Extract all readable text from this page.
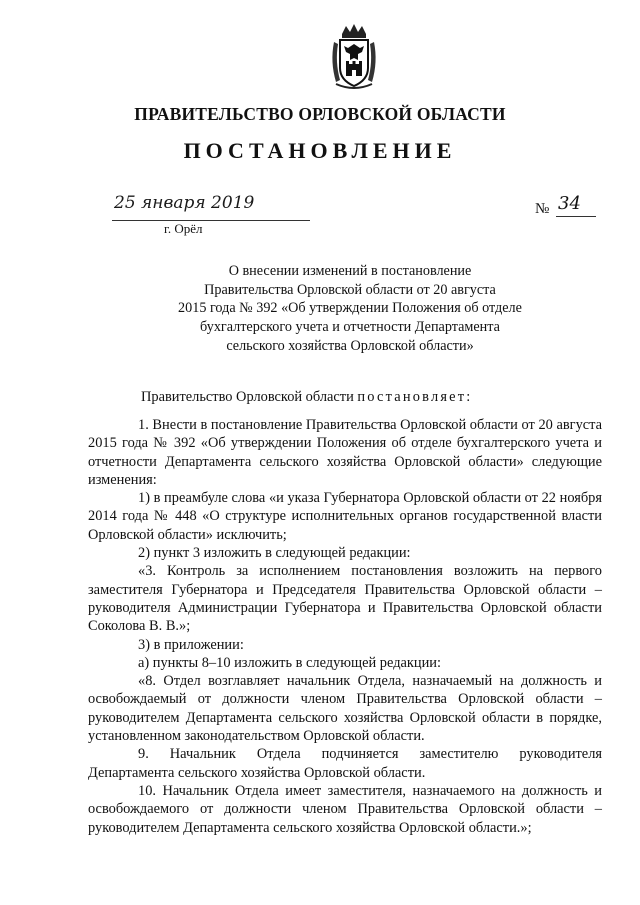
ПРАВИТЕЛЬСТВО ОРЛОВСКОЙ ОБЛАСТИ
ПОСТАНОВЛЕНИЕ
25 января 2019	№ 34
г. Орёл
О внесении изменений в постановление
Правительства Орловской области от 20 августа
2015 года № 392 «Об утверждении Положения об отделе
бухгалтерского учета и отчетности Департамента
сельского хозяйства Орловской области»
Правительство Орловской области постановляет:

1. Внести в постановление Правительства Орловской области от 20 августа 2015 года № 392 «Об утверждении Положения об отделе бухгалтерского учета и отчетности Департамента сельского хозяйства Орловской области» следующие изменения:

1) в преамбуле слова «и указа Губернатора Орловской области от 22 ноября 2014 года № 448 «О структуре исполнительных органов государственной власти Орловской области» исключить;

2) пункт 3 изложить в следующей редакции:

«3. Контроль за исполнением постановления возложить на первого заместителя Губернатора и Председателя Правительства Орловской области – руководителя Администрации Губернатора и Правительства Орловской области Соколова В. В.»;

3) в приложении:

а) пункты 8–10 изложить в следующей редакции:

«8. Отдел возглавляет начальник Отдела, назначаемый на должность и освобождаемый от должности членом Правительства Орловской области – руководителем Департамента сельского хозяйства Орловской области в порядке, установленном законодательством Орловской области.

9. Начальник Отдела подчиняется заместителю руководителя Департамента сельского хозяйства Орловской области.

10. Начальник Отдела имеет заместителя, назначаемого на должность и освобождаемого от должности членом Правительства Орловской области – руководителем Департамента сельского хозяйства Орловской области.»;
